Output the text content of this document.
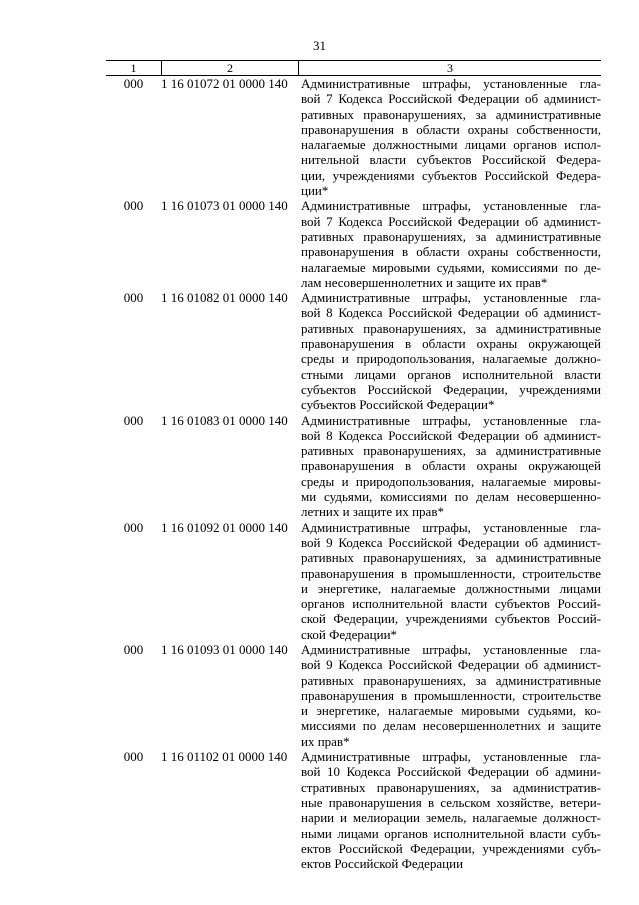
31
1	2	3
000	1 16 01072 01 0000 140	Административные штрафы, установленные гла-
вой 7 Кодекса Российской Федерации об админист-
ративных правонарушениях, за административные
правонарушения в области охраны собственности,
налагаемые должностными лицами органов испол-
нительной власти субъектов Российской Федера-
ции, учреждениями субъектов Российской Федера-
ции*
000	1 16 01073 01 0000 140	Административные штрафы, установленные гла-
вой 7 Кодекса Российской Федерации об админист-
ративных правонарушениях, за административные
правонарушения в области охраны собственности,
налагаемые мировыми судьями, комиссиями по де-
лам несовершеннолетних и защите их прав*
000	1 16 01082 01 0000 140	Административные штрафы, установленные гла-
вой 8 Кодекса Российской Федерации об админист-
ративных правонарушениях, за административные
правонарушения в области охраны окружающей
среды и природопользования, налагаемые должно-
стными лицами органов исполнительной власти
субъектов Российской Федерации, учреждениями
субъектов Российской Федерации*
000	1 16 01083 01 0000 140	Административные штрафы, установленные гла-
вой 8 Кодекса Российской Федерации об админист-
ративных правонарушениях, за административные
правонарушения в области охраны окружающей
среды и природопользования, налагаемые мировы-
ми судьями, комиссиями по делам несовершенно-
летних и защите их прав*
000	1 16 01092 01 0000 140	Административные штрафы, установленные гла-
вой 9 Кодекса Российской Федерации об админист-
ративных правонарушениях, за административные
правонарушения в промышленности, строительстве
и энергетике, налагаемые должностными лицами
органов исполнительной власти субъектов Россий-
ской Федерации, учреждениями субъектов Россий-
ской Федерации*
000	1 16 01093 01 0000 140	Административные штрафы, установленные гла-
вой 9 Кодекса Российской Федерации об админист-
ративных правонарушениях, за административные
правонарушения в промышленности, строительстве
и энергетике, налагаемые мировыми судьями, ко-
миссиями по делам несовершеннолетних и защите
их прав*
000	1 16 01102 01 0000 140	Административные штрафы, установленные гла-
вой 10 Кодекса Российской Федерации об админи-
стративных правонарушениях, за административ-
ные правонарушения в сельском хозяйстве, ветери-
нарии и мелиорации земель, налагаемые должност-
ными лицами органов исполнительной власти субъ-
ектов Российской Федерации, учреждениями субъ-
ектов Российской Федерации
